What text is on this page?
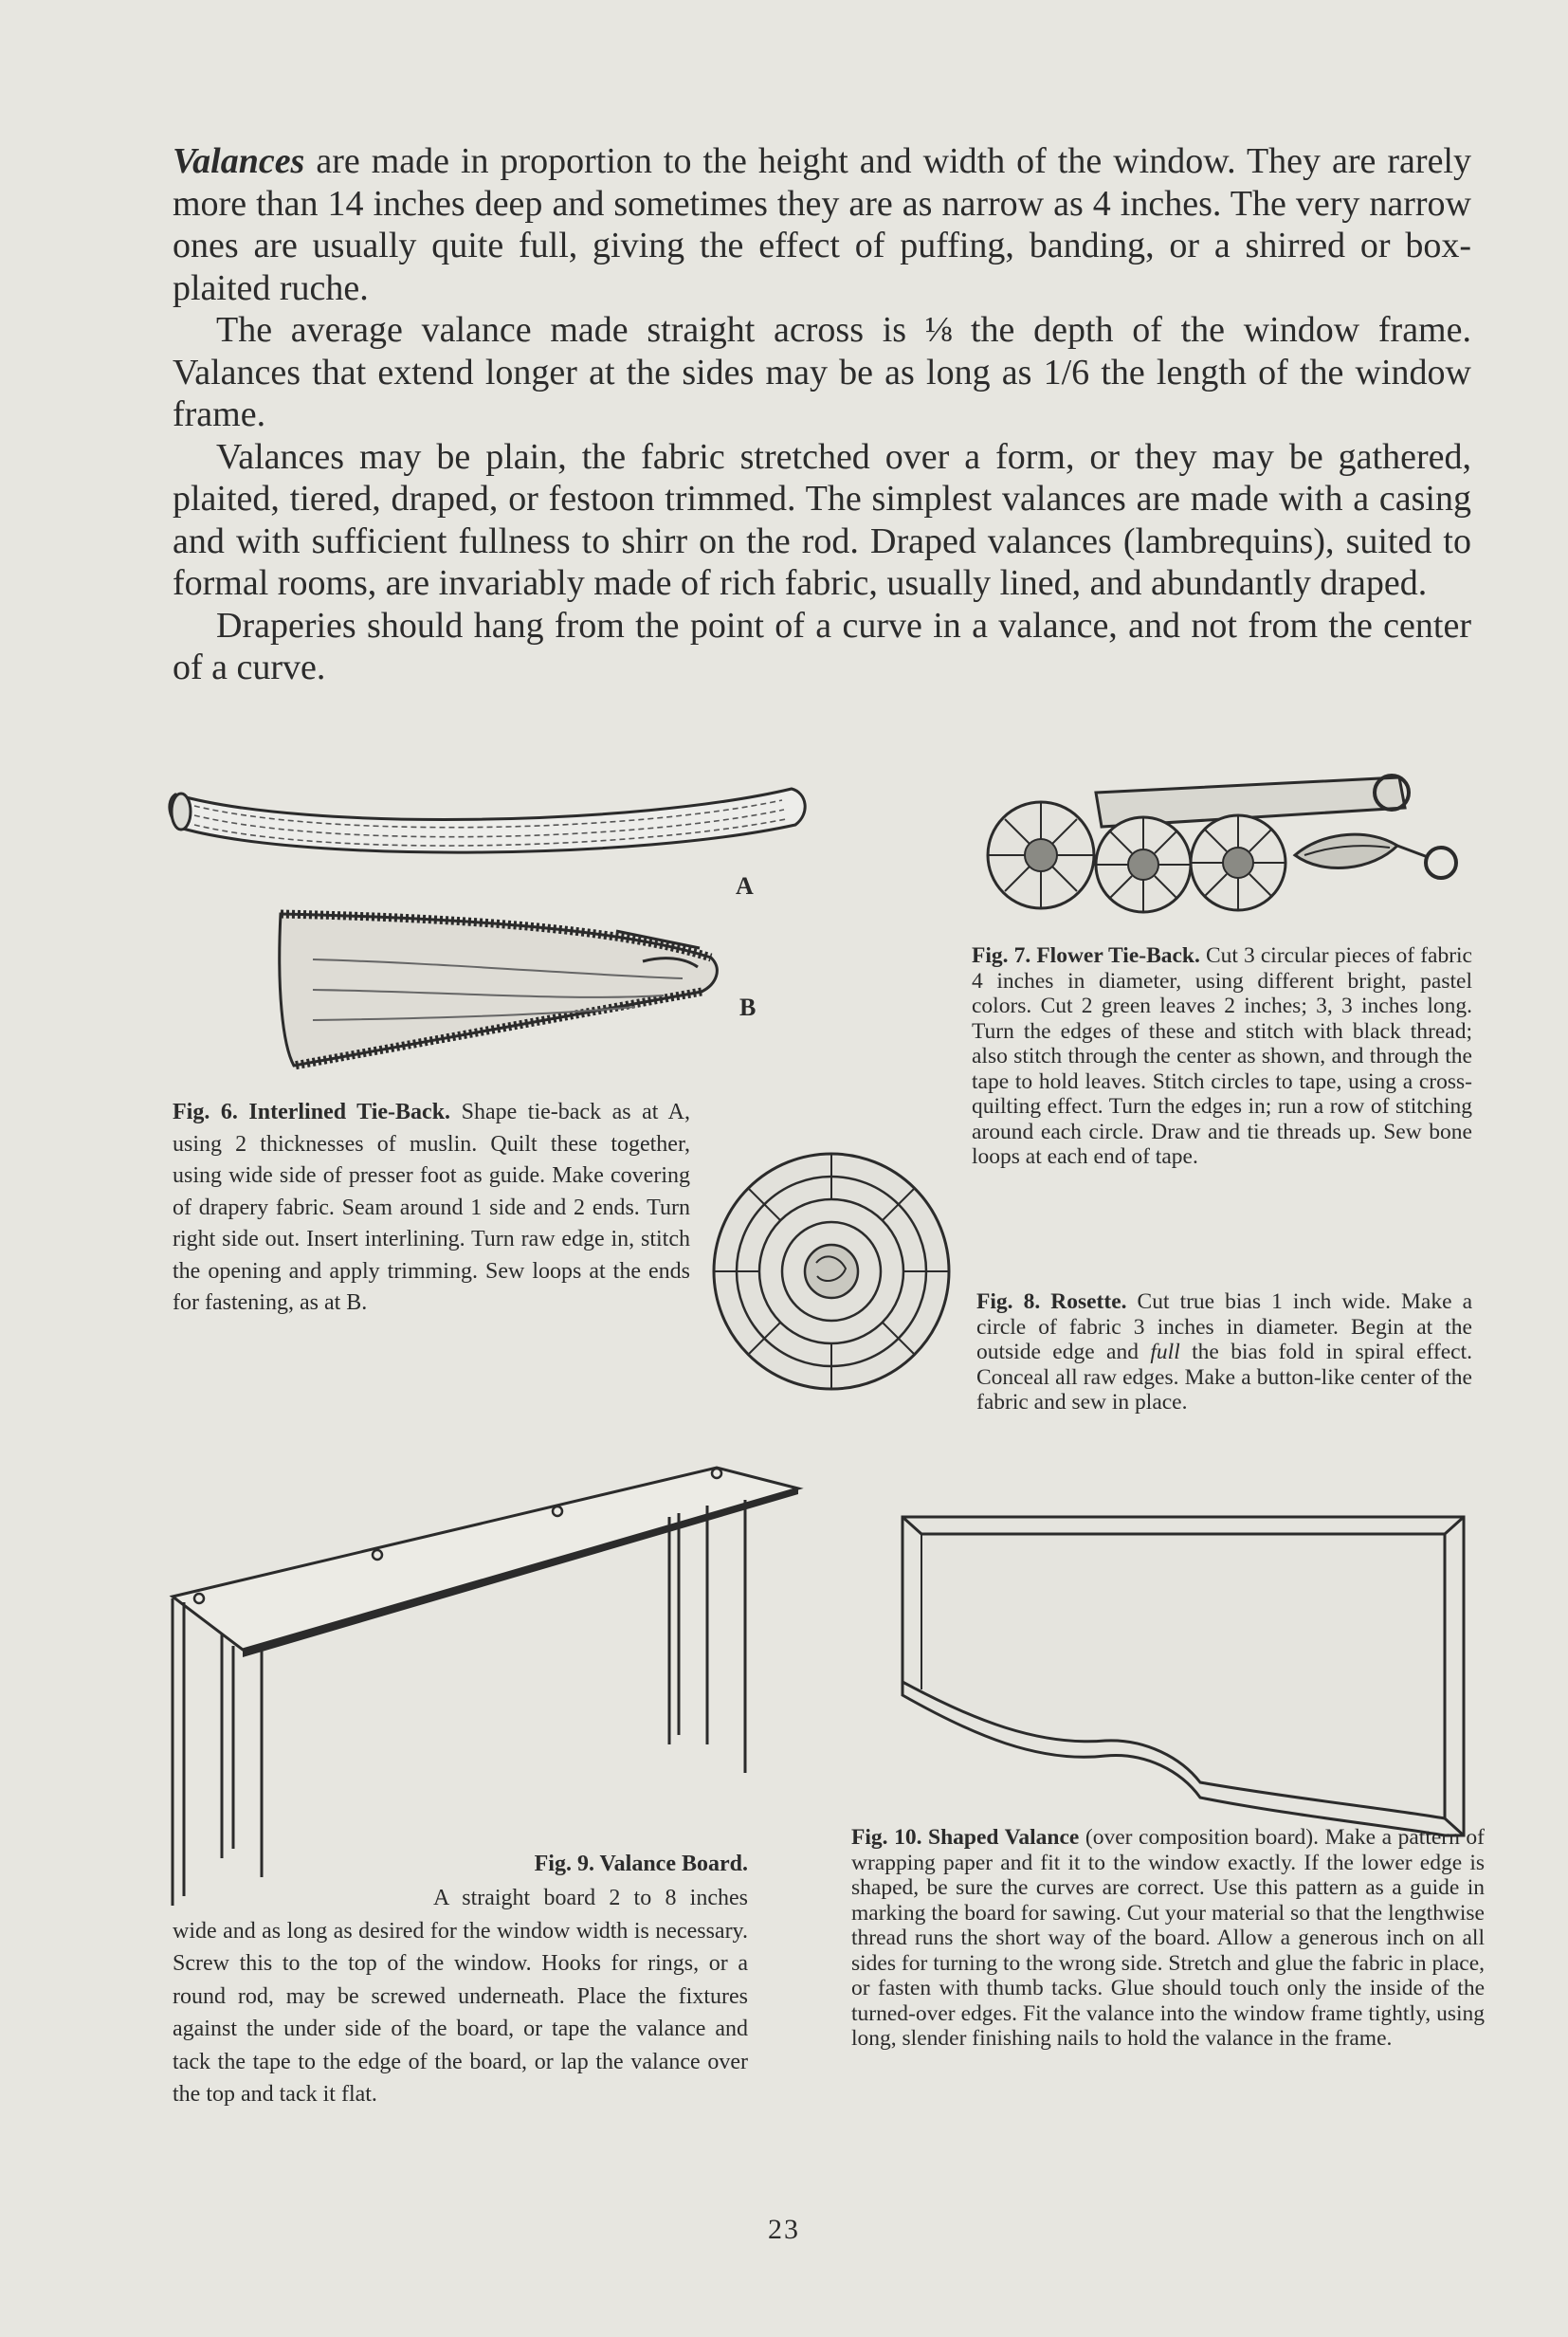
Valances are made in proportion to the height and width of the window. They are rarely more than 14 inches deep and sometimes they are as narrow as 4 inches. The very narrow ones are usually quite full, giving the effect of puffing, banding, or a shirred or box-plaited ruche.

The average valance made straight across is ⅛ the depth of the window frame. Valances that extend longer at the sides may be as long as 1/6 the length of the window frame.

Valances may be plain, the fabric stretched over a form, or they may be gathered, plaited, tiered, draped, or festoon trimmed. The simplest valances are made with a casing and with sufficient fullness to shirr on the rod. Draped valances (lambrequins), suited to formal rooms, are invariably made of rich fabric, usually lined, and abundantly draped.

Draperies should hang from the point of a curve in a valance, and not from the center of a curve.

A
B
Fig. 6. Interlined Tie-Back. Shape tie-back as at A, using 2 thicknesses of muslin. Quilt these together, using wide side of presser foot as guide. Make covering of drapery fabric. Seam around 1 side and 2 ends. Turn right side out. Insert interlining. Turn raw edge in, stitch the opening and apply trimming. Sew loops at the ends for fastening, as at B.
Fig. 7. Flower Tie-Back. Cut 3 circular pieces of fabric 4 inches in diameter, using different bright, pastel colors. Cut 2 green leaves 2 inches; 3, 3 inches long. Turn the edges of these and stitch with black thread; also stitch through the center as shown, and through the tape to hold leaves. Stitch circles to tape, using a cross-quilting effect. Turn the edges in; run a row of stitching around each circle. Draw and tie threads up. Sew bone loops at each end of tape.
Fig. 8. Rosette. Cut true bias 1 inch wide. Make a circle of fabric 3 inches in diameter. Begin at the outside edge and full the bias fold in spiral effect. Conceal all raw edges. Make a button-like center of the fabric and sew in place.
Fig. 9. Valance Board.
A straight board 2 to 8 inches wide and as long as desired for the window width is necessary. Screw this to the top of the window. Hooks for rings, or a round rod, may be screwed underneath. Place the fixtures against the under side of the board, or tape the valance and tack the tape to the edge of the board, or lap the valance over the top and tack it flat.
Fig. 10. Shaped Valance (over composition board). Make a pattern of wrapping paper and fit it to the window exactly. If the lower edge is shaped, be sure the curves are correct. Use this pattern as a guide in marking the board for sawing. Cut your material so that the lengthwise thread runs the short way of the board. Allow a generous inch on all sides for turning to the wrong side. Stretch and glue the fabric in place, or fasten with thumb tacks. Glue should touch only the inside of the turned-over edges. Fit the valance into the window frame tightly, using long, slender finishing nails to hold the valance in the frame.
23
